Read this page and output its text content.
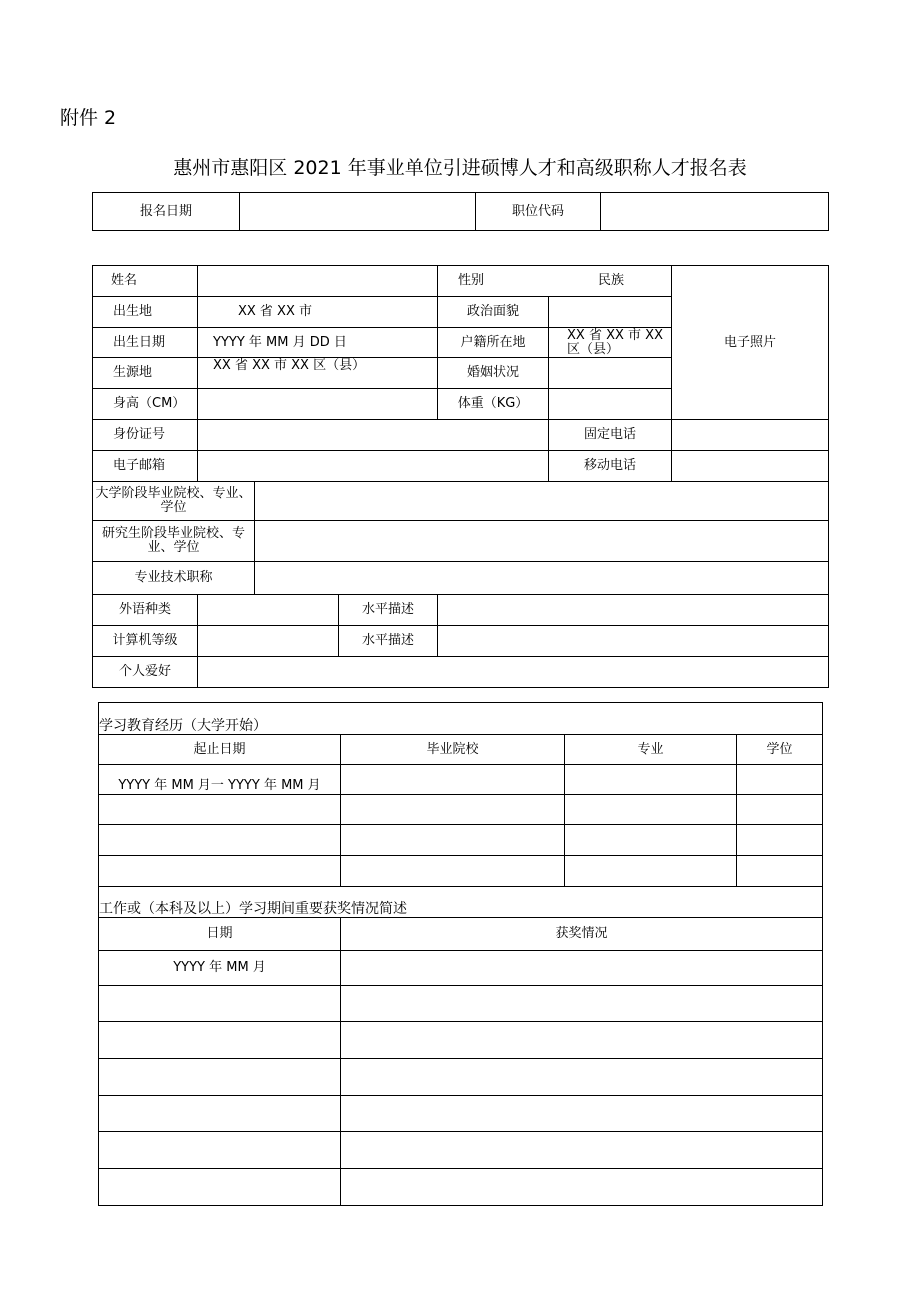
附件 2
惠州市惠阳区 2021 年事业单位引进硕博人才和高级职称人才报名表
报名日期		职位代码	
姓名				性别 民族		电子照片
出生地	XX 省 XX 市			政治面貌		
出生日期	YYYY 年 MM 月 DD 日			户籍所在地	XX 省 XX 市 XX 区（县）	

生源地	XX 省 XX 市 XX 区（县）			婚姻状况		
身高（CM）				体重（KG）		
身份证号					固定电话	
电子邮箱					移动电话	
大学阶段毕业院校、专业、学位						
研究生阶段毕业院校、专业、学位						
专业技术职称						
外语种类			水平描述			
计算机等级			水平描述			
个人爱好						
学习教育经历（大学开始）			
起止日期	毕业院校	专业	学位
YYYY 年 MM 月一 YYYY 年 MM 月			

工作或（本科及以上）学习期间重要获奖情况简述			
日期	获奖情况		
YYYY 年 MM 月			
